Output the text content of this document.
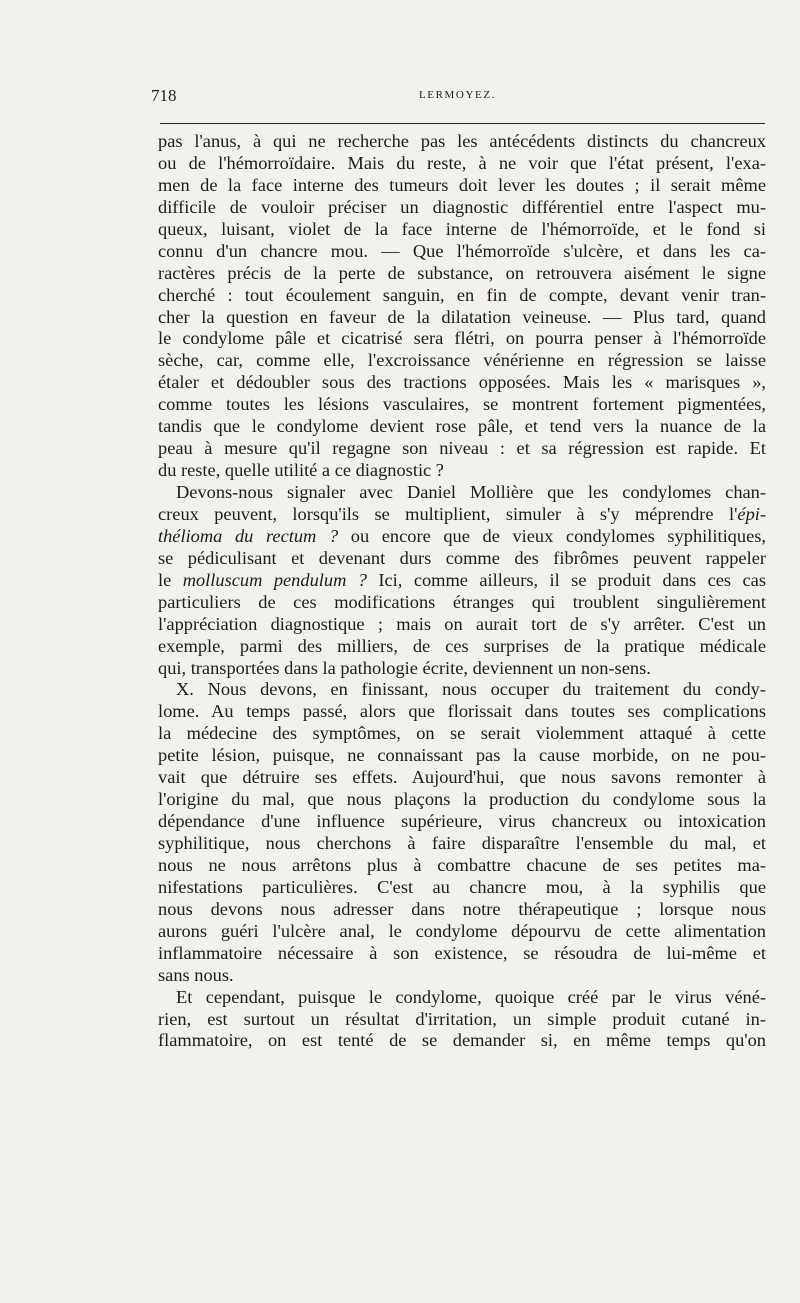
718	LERMOYEZ.
pas l'anus, à qui ne recherche pas les antécédents distincts du chancreux
ou de l'hémorroïdaire. Mais du reste, à ne voir que l'état présent, l'exa-
men de la face interne des tumeurs doit lever les doutes ; il serait même
difficile de vouloir préciser un diagnostic différentiel entre l'aspect mu-
queux, luisant, violet de la face interne de l'hémorroïde, et le fond si
connu d'un chancre mou. — Que l'hémorroïde s'ulcère, et dans les ca-
ractères précis de la perte de substance, on retrouvera aisément le signe
cherché : tout écoulement sanguin, en fin de compte, devant venir tran-
cher la question en faveur de la dilatation veineuse. — Plus tard, quand
le condylome pâle et cicatrisé sera flétri, on pourra penser à l'hémorroïde
sèche, car, comme elle, l'excroissance vénérienne en régression se laisse
étaler et dédoubler sous des tractions opposées. Mais les « marisques »,
comme toutes les lésions vasculaires, se montrent fortement pigmentées,
tandis que le condylome devient rose pâle, et tend vers la nuance de la
peau à mesure qu'il regagne son niveau : et sa régression est rapide. Et
du reste, quelle utilité a ce diagnostic ?
Devons-nous signaler avec Daniel Mollière que les condylomes chan-
creux peuvent, lorsqu'ils se multiplient, simuler à s'y méprendre l'épi-
thélioma du rectum ? ou encore que de vieux condylomes syphilitiques,
se pédiculisant et devenant durs comme des fibrômes peuvent rappeler
le molluscum pendulum ? Ici, comme ailleurs, il se produit dans ces cas
particuliers de ces modifications étranges qui troublent singulièrement
l'appréciation diagnostique ; mais on aurait tort de s'y arrêter. C'est un
exemple, parmi des milliers, de ces surprises de la pratique médicale
qui, transportées dans la pathologie écrite, deviennent un non-sens.
X. Nous devons, en finissant, nous occuper du traitement du condy-
lome. Au temps passé, alors que florissait dans toutes ses complications
la médecine des symptômes, on se serait violemment attaqué à cette
petite lésion, puisque, ne connaissant pas la cause morbide, on ne pou-
vait que détruire ses effets. Aujourd'hui, que nous savons remonter à
l'origine du mal, que nous plaçons la production du condylome sous la
dépendance d'une influence supérieure, virus chancreux ou intoxication
syphilitique, nous cherchons à faire disparaître l'ensemble du mal, et
nous ne nous arrêtons plus à combattre chacune de ses petites ma-
nifestations particulières. C'est au chancre mou, à la syphilis que
nous devons nous adresser dans notre thérapeutique ; lorsque nous
aurons guéri l'ulcère anal, le condylome dépourvu de cette alimentation
inflammatoire nécessaire à son existence, se résoudra de lui-même et
sans nous.
Et cependant, puisque le condylome, quoique créé par le virus véné-
rien, est surtout un résultat d'irritation, un simple produit cutané in-
flammatoire, on est tenté de se demander si, en même temps qu'on
